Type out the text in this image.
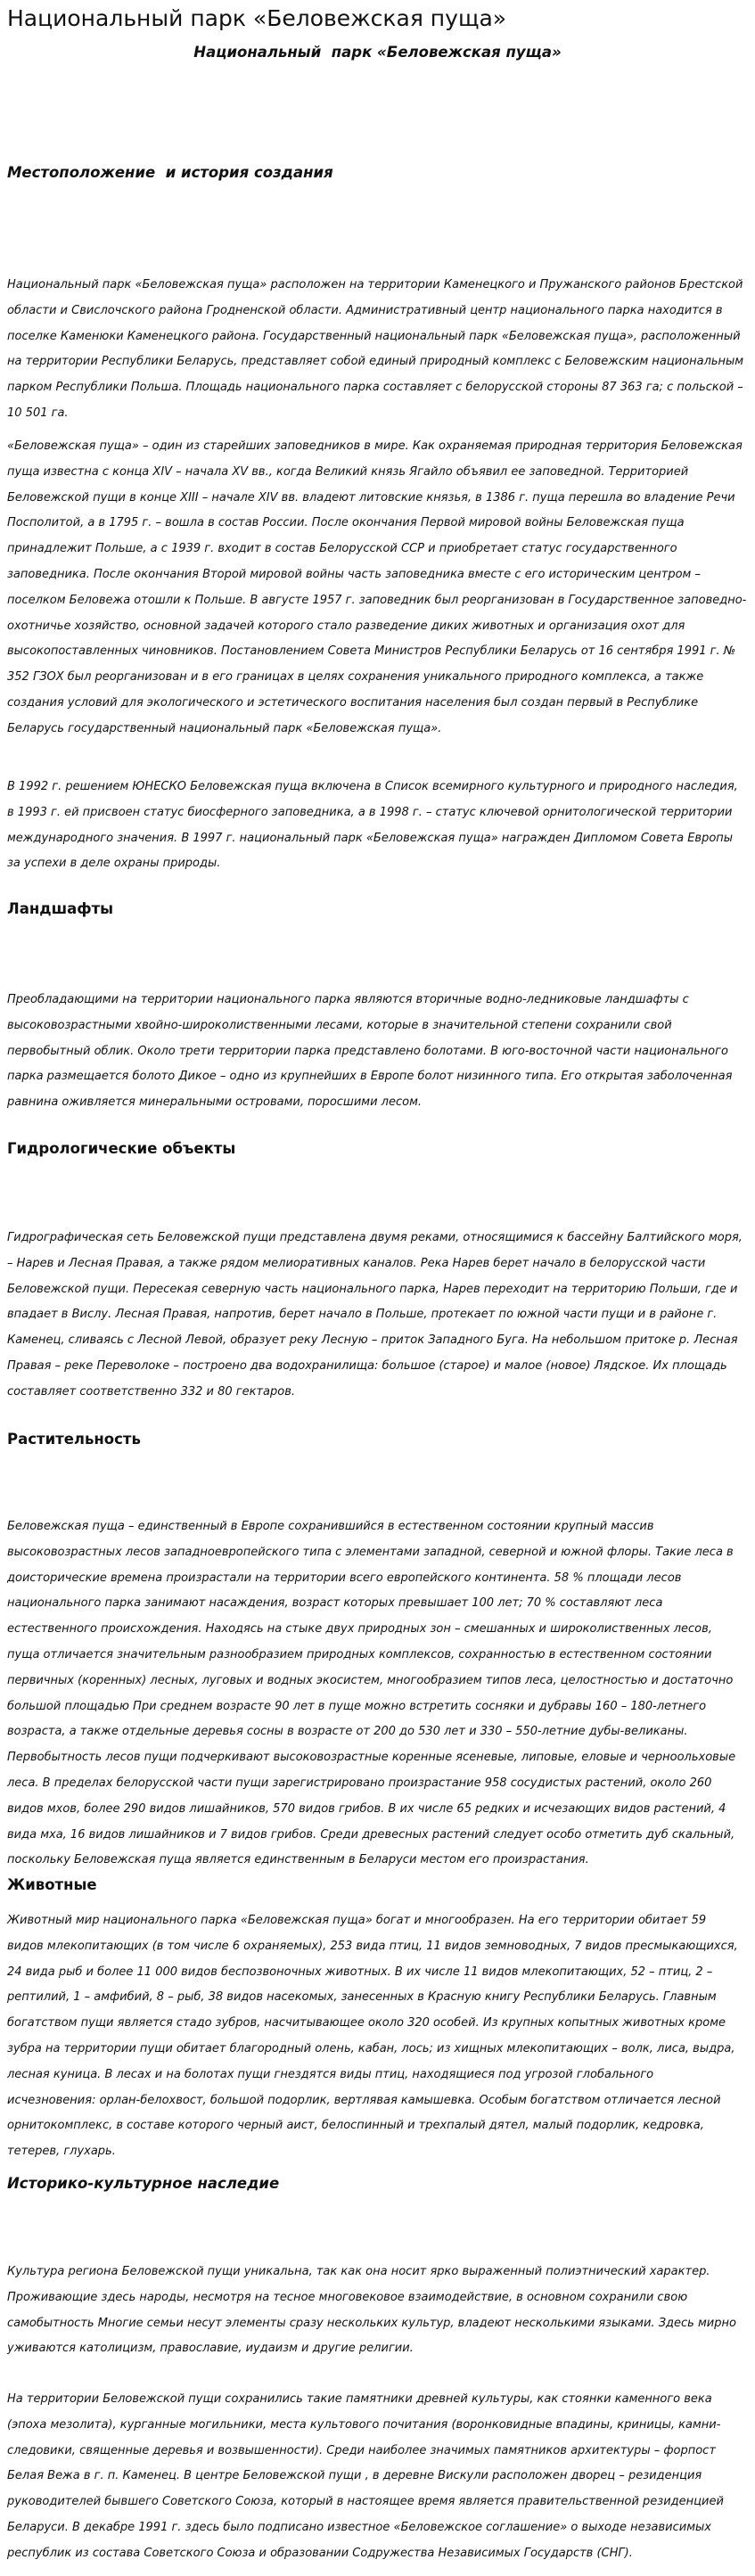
Национальный парк «Беловежская пуща»
Национальный  парк «Беловежская пуща»
Местоположение  и история создания

Национальный парк «Беловежская пуща» расположен на территории Каменецкого и Пружанского районов Брестской области и Свислочского района Гродненской области. Административный центр национального парка находится в поселке Каменюки Каменецкого района. Государственный национальный парк «Беловежская пуща», расположенный на территории Республики Беларусь, представляет собой единый природный комплекс с Беловежским национальным парком Республики Польша. Площадь национального парка составляет с белорусской стороны 87 363 га; с польской – 10 501 га.

«Беловежская пуща» – один из старейших заповедников в мире. Как охраняемая природная территория Беловежская пуща известна с конца XIV – начала XV вв., когда Великий князь Ягайло объявил ее заповедной. Территорией Беловежской пущи в конце XIII – начале XIV вв. владеют литовские князья, в 1386 г. пуща перешла во владение Речи Посполитой, а в 1795 г. – вошла в состав России. После окончания Первой мировой войны Беловежская пуща принадлежит Польше, а с 1939 г. входит в состав Белорусской ССР и приобретает статус государственного заповедника. После окончания Второй мировой войны часть заповедника вместе с его историческим центром – поселком Беловежа отошли к Польше. В августе 1957 г. заповедник был реорганизован в Государственное заповедно-охотничье хозяйство, основной задачей которого стало разведение диких животных и организация охот для высокопоставленных чиновников. Постановлением Совета Министров Республики Беларусь от 16 сентября 1991 г. № 352 ГЗОХ был реорганизован и в его границах в целях сохранения уникального природного комплекса, а также создания условий для экологического и эстетического воспитания населения был создан первый в Республике Беларусь государственный национальный парк «Беловежская пуща».

В 1992 г. решением ЮНЕСКО Беловежская пуща включена в Список всемирного культурного и природного наследия, в 1993 г. ей присвоен статус биосферного заповедника, а в 1998 г. – статус ключевой орнитологической территории международного значения. В 1997 г. национальный парк «Беловежская пуща» награжден Дипломом Совета Европы за успехи в деле охраны природы.

Ландшафты

Преобладающими на территории национального парка являются вторичные водно-ледниковые ландшафты с высоковозрастными хвойно-широколиственными лесами, которые в значительной степени сохранили свой первобытный облик. Около трети территории парка представлено болотами. В юго-восточной части национального парка размещается болото Дикое – одно из крупнейших в Европе болот низинного типа. Его открытая заболоченная равнина оживляется минеральными островами, поросшими лесом.

Гидрологические объекты

Гидрографическая сеть Беловежской пущи представлена двумя реками, относящимися к бассейну Балтийского моря, – Нарев и Лесная Правая, а также рядом мелиоративных каналов. Река Нарев берет начало в белорусской части Беловежской пущи. Пересекая северную часть национального парка, Нарев переходит на территорию Польши, где и впадает в Вислу. Лесная Правая, напротив, берет начало в Польше, протекает по южной части пущи и в районе г. Каменец, сливаясь с Лесной Левой, образует реку Лесную – приток Западного Буга. На небольшом притоке р. Лесная Правая – реке Переволоке – построено два водохранилища: большое (старое) и малое (новое) Лядское. Их площадь составляет соответственно 332 и 80 гектаров.

Растительность

Беловежская пуща – единственный в Европе сохранившийся в естественном состоянии крупный массив высоковозрастных лесов западноевропейского типа с элементами западной, северной и южной флоры. Такие леса в доисторические времена произрастали на территории всего европейского континента. 58 % площади лесов национального парка занимают насаждения, возраст которых превышает 100 лет; 70 % составляют леса естественного происхождения. Находясь на стыке двух природных зон – смешанных и широколиственных лесов, пуща отличается значительным разнообразием природных комплексов, сохранностью в естественном состоянии первичных (коренных) лесных, луговых и водных экосистем, многообразием типов леса, целостностью и достаточно большой площадью При среднем возрасте 90 лет в пуще можно встретить сосняки и дубравы 160 – 180-летнего возраста, а также отдельные деревья сосны в возрасте от 200 до 530 лет и 330 – 550-летние дубы-великаны. Первобытность лесов пущи подчеркивают высоковозрастные коренные ясеневые, липовые, еловые и черноольховые леса. В пределах белорусской части пущи зарегистрировано произрастание 958 сосудистых растений, около 260 видов мхов, более 290 видов лишайников, 570 видов грибов. В их числе 65 редких и исчезающих видов растений, 4 вида мха, 16 видов лишайников и 7 видов грибов. Среди древесных растений следует особо отметить дуб скальный, поскольку Беловежская пуща является единственным в Беларуси местом его произрастания.

Животные

Животный мир национального парка «Беловежская пуща» богат и многообразен. На его территории обитает 59 видов млекопитающих (в том числе 6 охраняемых), 253 вида птиц, 11 видов земноводных, 7 видов пресмыкающихся, 24 вида рыб и более 11 000 видов беспозвоночных животных. В их числе 11 видов млекопитающих, 52 – птиц, 2 – рептилий, 1 – амфибий, 8 – рыб, 38 видов насекомых, занесенных в Красную книгу Республики Беларусь. Главным богатством пущи является стадо зубров, насчитывающее около 320 особей. Из крупных копытных животных кроме зубра на территории пущи обитает благородный олень, кабан, лось; из хищных млекопитающих – волк, лиса, выдра, лесная куница. В лесах и на болотах пущи гнездятся виды птиц, находящиеся под угрозой глобального исчезновения: орлан-белохвост, большой подорлик, вертлявая камышевка. Особым богатством отличается лесной орнитокомплекс, в составе которого черный аист, белоспинный и трехпалый дятел, малый подорлик, кедровка, тетерев, глухарь.

Историко-культурное наследие

Культура региона Беловежской пущи уникальна, так как она носит ярко выраженный полиэтнический характер. Проживающие здесь народы, несмотря на тесное многовековое взаимодействие, в основном сохранили свою самобытность Многие семьи несут элементы сразу нескольких культур, владеют несколькими языками. Здесь мирно уживаются католицизм, православие, иудаизм и другие религии.

На территории Беловежской пущи сохранились такие памятники древней культуры, как стоянки каменного века (эпоха мезолита), курганные могильники, места культового почитания (воронковидные впадины, криницы, камни-следовики, священные деревья и возвышенности). Среди наиболее значимых памятников архитектуры – форпост Белая Вежа в г. п. Каменец. В центре Беловежской пущи , в деревне Вискули расположен дворец – резиденция руководителей бывшего Советского Союза, который в настоящее время является правительственной резиденцией Беларуси. В декабре 1991 г. здесь было подписано известное «Беловежское соглашение» о выходе независимых республик из состава Советского Союза и образовании Содружества Независимых Государств (СНГ).
